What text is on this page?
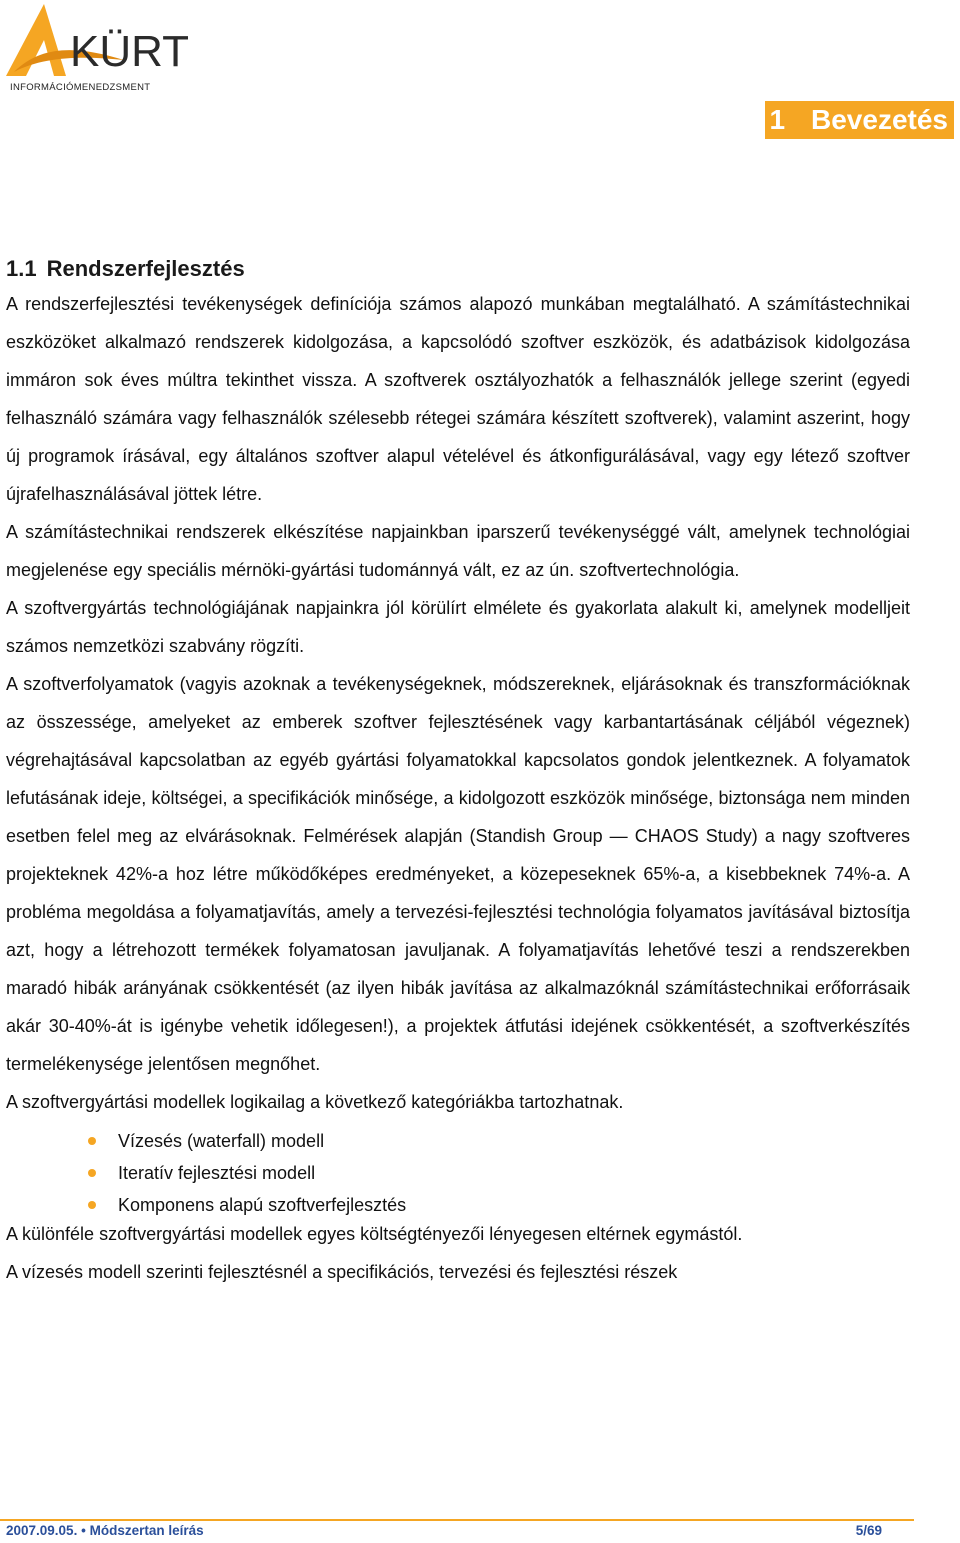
KÜRT
INFORMÁCIÓMENEDZSMENT
1 Bevezetés
1.1 Rendszerfejlesztés

A rendszerfejlesztési tevékenységek definíciója számos alapozó munkában megtalálható. A számítástechnikai eszközöket alkalmazó rendszerek kidolgozása, a kapcsolódó szoftver eszközök, és adatbázisok kidolgozása immáron sok éves múltra tekinthet vissza. A szoftverek osztályozhatók a felhasználók jellege szerint (egyedi felhasználó számára vagy felhasználók szélesebb rétegei számára készített szoftverek), valamint aszerint, hogy új programok írásával, egy általános szoftver alapul vételével és átkonfigurálásával, vagy egy létező szoftver újrafelhasználásával jöttek létre.

A számítástechnikai rendszerek elkészítése napjainkban iparszerű tevékenységgé vált, amelynek technológiai megjelenése egy speciális mérnöki-gyártási tudománnyá vált, ez az ún. szoftvertechnológia.

A szoftvergyártás technológiájának napjainkra jól körülírt elmélete és gyakorlata alakult ki, amelynek modelljeit számos nemzetközi szabvány rögzíti.

A szoftverfolyamatok (vagyis azoknak a tevékenységeknek, módszereknek, eljárásoknak és transzformációknak az összessége, amelyeket az emberek szoftver fejlesztésének vagy karbantartásának céljából végeznek) végrehajtásával kapcsolatban az egyéb gyártási folyamatokkal kapcsolatos gondok jelentkeznek. A folyamatok lefutásának ideje, költségei, a specifikációk minősége, a kidolgozott eszközök minősége, biztonsága nem minden esetben felel meg az elvárásoknak. Felmérések alapján (Standish Group — CHAOS Study) a nagy szoftveres projekteknek 42%-a hoz létre működőképes eredményeket, a közepeseknek 65%-a, a kisebbeknek 74%-a. A probléma megoldása a folyamatjavítás, amely a tervezési-fejlesztési technológia folyamatos javításával biztosítja azt, hogy a létrehozott termékek folyamatosan javuljanak. A folyamatjavítás lehetővé teszi a rendszerekben maradó hibák arányának csökkentését (az ilyen hibák javítása az alkalmazóknál számítástechnikai erőforrásaik akár 30-40%-át is igénybe vehetik időlegesen!), a projektek átfutási idejének csökkentését, a szoftverkészítés termelékenysége jelentősen megnőhet.

A szoftvergyártási modellek logikailag a következő kategóriákba tartozhatnak.

Vízesés (waterfall) modell
Iteratív fejlesztési modell
Komponens alapú szoftverfejlesztés

A különféle szoftvergyártási modellek egyes költségtényezői lényegesen eltérnek egymástól.

A vízesés modell szerinti fejlesztésnél a specifikációs, tervezési és fejlesztési részek

2007.09.05. • Módszertan leírás	5/69
